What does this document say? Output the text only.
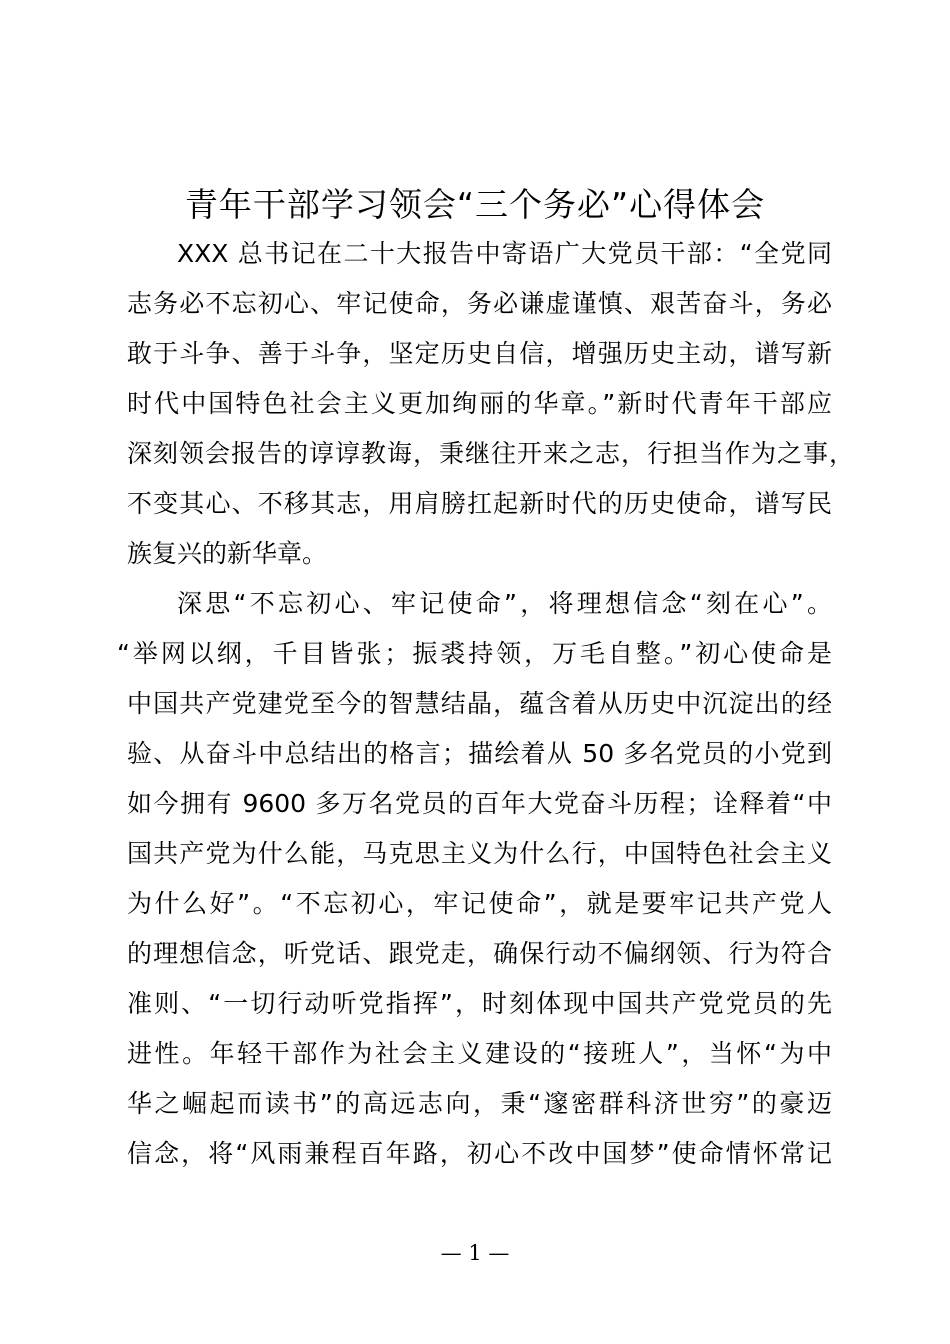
青年干部学习领会“三个务必”心得体会
XXX 总书记在二十大报告中寄语广大党员干部：“全党同
志务必不忘初心、牢记使命，务必谦虚谨慎、艰苦奋斗，务必
敢于斗争、善于斗争，坚定历史自信，增强历史主动，谱写新
时代中国特色社会主义更加绚丽的华章。”新时代青年干部应
深刻领会报告的谆谆教诲，秉继往开来之志，行担当作为之事，
不变其心、不移其志，用肩膀扛起新时代的历史使命，谱写民
族复兴的新华章。
深思“不忘初心、牢记使命”，将理想信念“刻在心”。
“举网以纲，千目皆张；振裘持领，万毛自整。”初心使命是
中国共产党建党至今的智慧结晶，蕴含着从历史中沉淀出的经
验、从奋斗中总结出的格言；描绘着从 50 多名党员的小党到
如今拥有 9600 多万名党员的百年大党奋斗历程；诠释着“中
国共产党为什么能，马克思主义为什么行，中国特色社会主义
为什么好”。“不忘初心，牢记使命”，就是要牢记共产党人
的理想信念，听党话、跟党走，确保行动不偏纲领、行为符合
准则、“一切行动听党指挥”，时刻体现中国共产党党员的先
进性。年轻干部作为社会主义建设的“接班人”，当怀“为中
华之崛起而读书”的高远志向，秉“邃密群科济世穷”的豪迈
信念，将“风雨兼程百年路，初心不改中国梦”使命情怀常记
— 1 —
